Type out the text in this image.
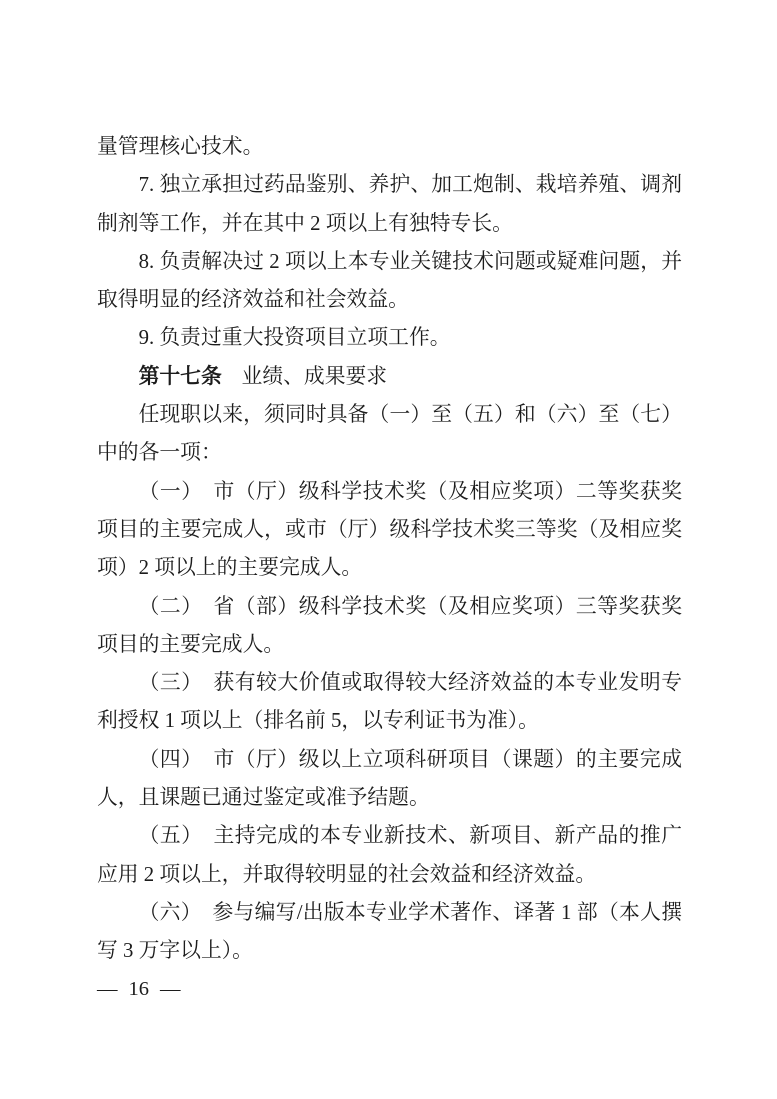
量管理核心技术。

7. 独立承担过药品鉴别、养护、加工炮制、栽培养殖、调剂制剂等工作，并在其中 2 项以上有独特专长。

8. 负责解决过 2 项以上本专业关键技术问题或疑难问题，并取得明显的经济效益和社会效益。

9. 负责过重大投资项目立项工作。

第十七条 业绩、成果要求

任现职以来，须同时具备（一）至（五）和（六）至（七）中的各一项：

（一）　市（厅）级科学技术奖（及相应奖项）二等奖获奖项目的主要完成人，或市（厅）级科学技术奖三等奖（及相应奖项）2 项以上的主要完成人。

（二）　省（部）级科学技术奖（及相应奖项）三等奖获奖项目的主要完成人。

（三）　获有较大价值或取得较大经济效益的本专业发明专利授权 1 项以上（排名前 5，以专利证书为准）。

（四）　市（厅）级以上立项科研项目（课题）的主要完成人，且课题已通过鉴定或准予结题。

（五）　主持完成的本专业新技术、新项目、新产品的推广应用 2 项以上，并取得较明显的社会效益和经济效益。

（六）　参与编写/出版本专业学术著作、译著 1 部（本人撰写 3 万字以上）。

— 16 —
